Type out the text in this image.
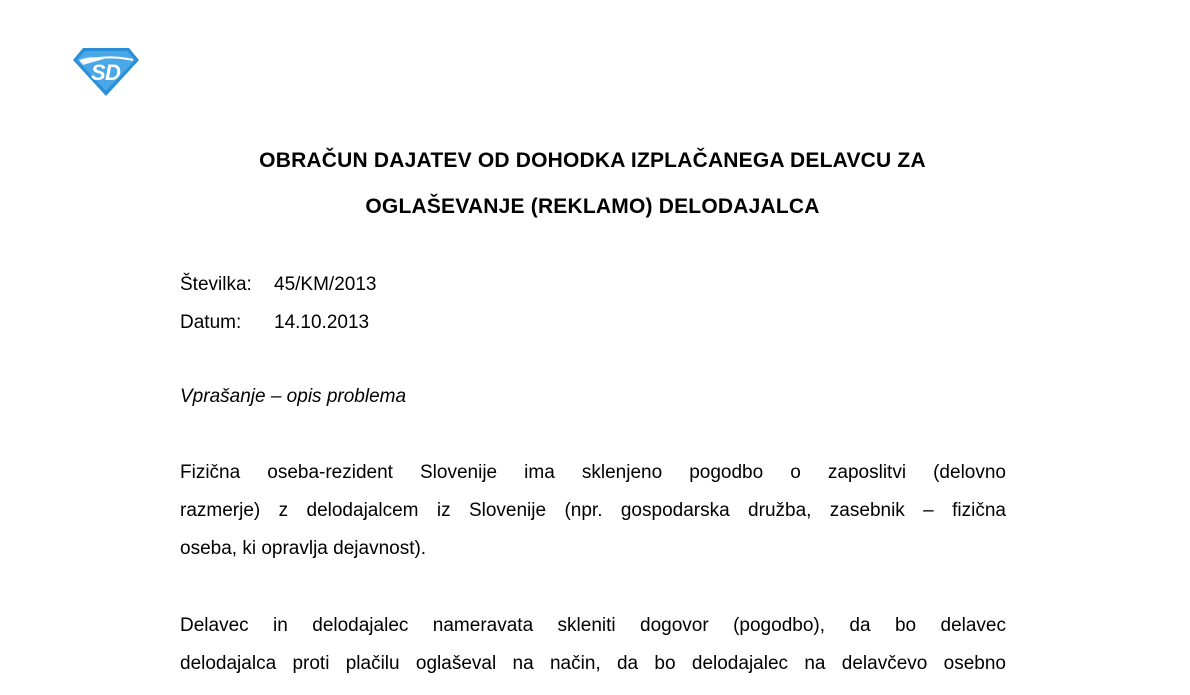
S D
OBRAČUN DAJATEV OD DOHODKA IZPLAČANEGA DELAVCU ZA
OGLAŠEVANJE (REKLAMO) DELODAJALCA
Številka: 45/KM/2013
Datum: 14.10.2013
Vprašanje – opis problema
Fizična oseba-rezident Slovenije ima sklenjeno pogodbo o zaposlitvi (delovno
razmerje) z delodajalcem iz Slovenije (npr. gospodarska družba, zasebnik – fizična
oseba, ki opravlja dejavnost).
Delavec in delodajalec nameravata skleniti dogovor (pogodbo), da bo delavec
delodajalca proti plačilu oglaševal na način, da bo delodajalec na delavčevo osebno
